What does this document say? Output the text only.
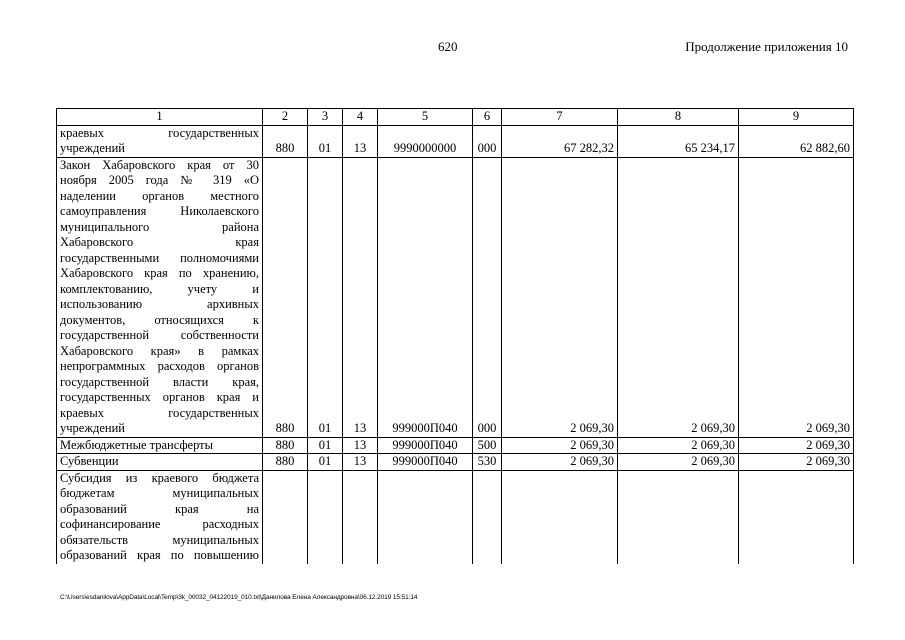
620	Продолжение приложения 10
1	2	3	4	5	6	7	8	9
краевых государственных учреждений	880	01	13	9990000000	000	67 282,32	65 234,17	62 882,60
Закон Хабаровского края от 30 ноября 2005 года № 319 «О наделении органов местного самоуправления Николаевского муниципального района Хабаровского края государственными полномочиями Хабаровского края по хранению, комплектованию, учету и использованию архивных документов, относящихся к государственной собственности Хабаровского края» в рамках непрограммных расходов органов государственной власти края, государственных органов края и краевых государственных учреждений	880	01	13	999000П040	000	2 069,30	2 069,30	2 069,30
Межбюджетные трансферты	880	01	13	999000П040	500	2 069,30	2 069,30	2 069,30
Субвенции	880	01	13	999000П040	530	2 069,30	2 069,30	2 069,30
Субсидия из краевого бюджета бюджетам муниципальных образований края на софинансирование расходных обязательств муниципальных образований края по повышению								
C:\Users\esdanilova\AppData\Local\Temp\3k_00032_04122019_010.txt\Данилова Елена Александровна\06.12.2019 15:51:14
